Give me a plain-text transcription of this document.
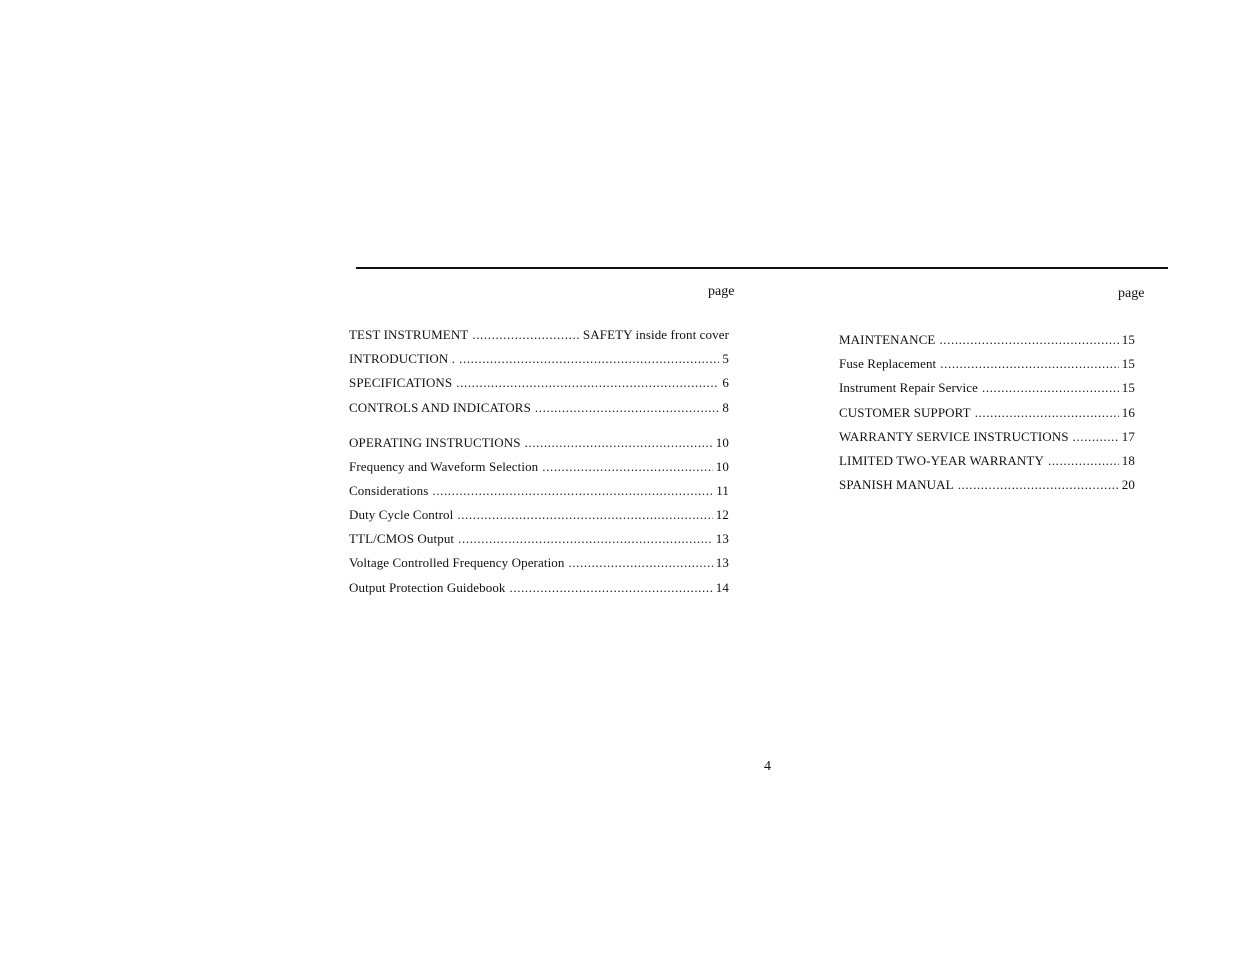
page	page
TEST INSTRUMENT .....	SAFETY inside front cover
INTRODUCTION . .....	5
SPECIFICATIONS .....	6
CONTROLS AND INDICATORS .....	8
OPERATING INSTRUCTIONS .....	10
Frequency and Waveform Selection .....	10
Considerations .....	11
Duty Cycle Control .....	12
TTL/CMOS Output .....	13
Voltage Controlled Frequency Operation .....	13
Output Protection Guidebook .....	14
MAINTENANCE .....	15
Fuse Replacement .....	15
Instrument Repair Service .....	15
CUSTOMER SUPPORT .....	16
WARRANTY SERVICE INSTRUCTIONS .....	17
LIMITED TWO-YEAR WARRANTY .....	18
SPANISH MANUAL .....	20
4
